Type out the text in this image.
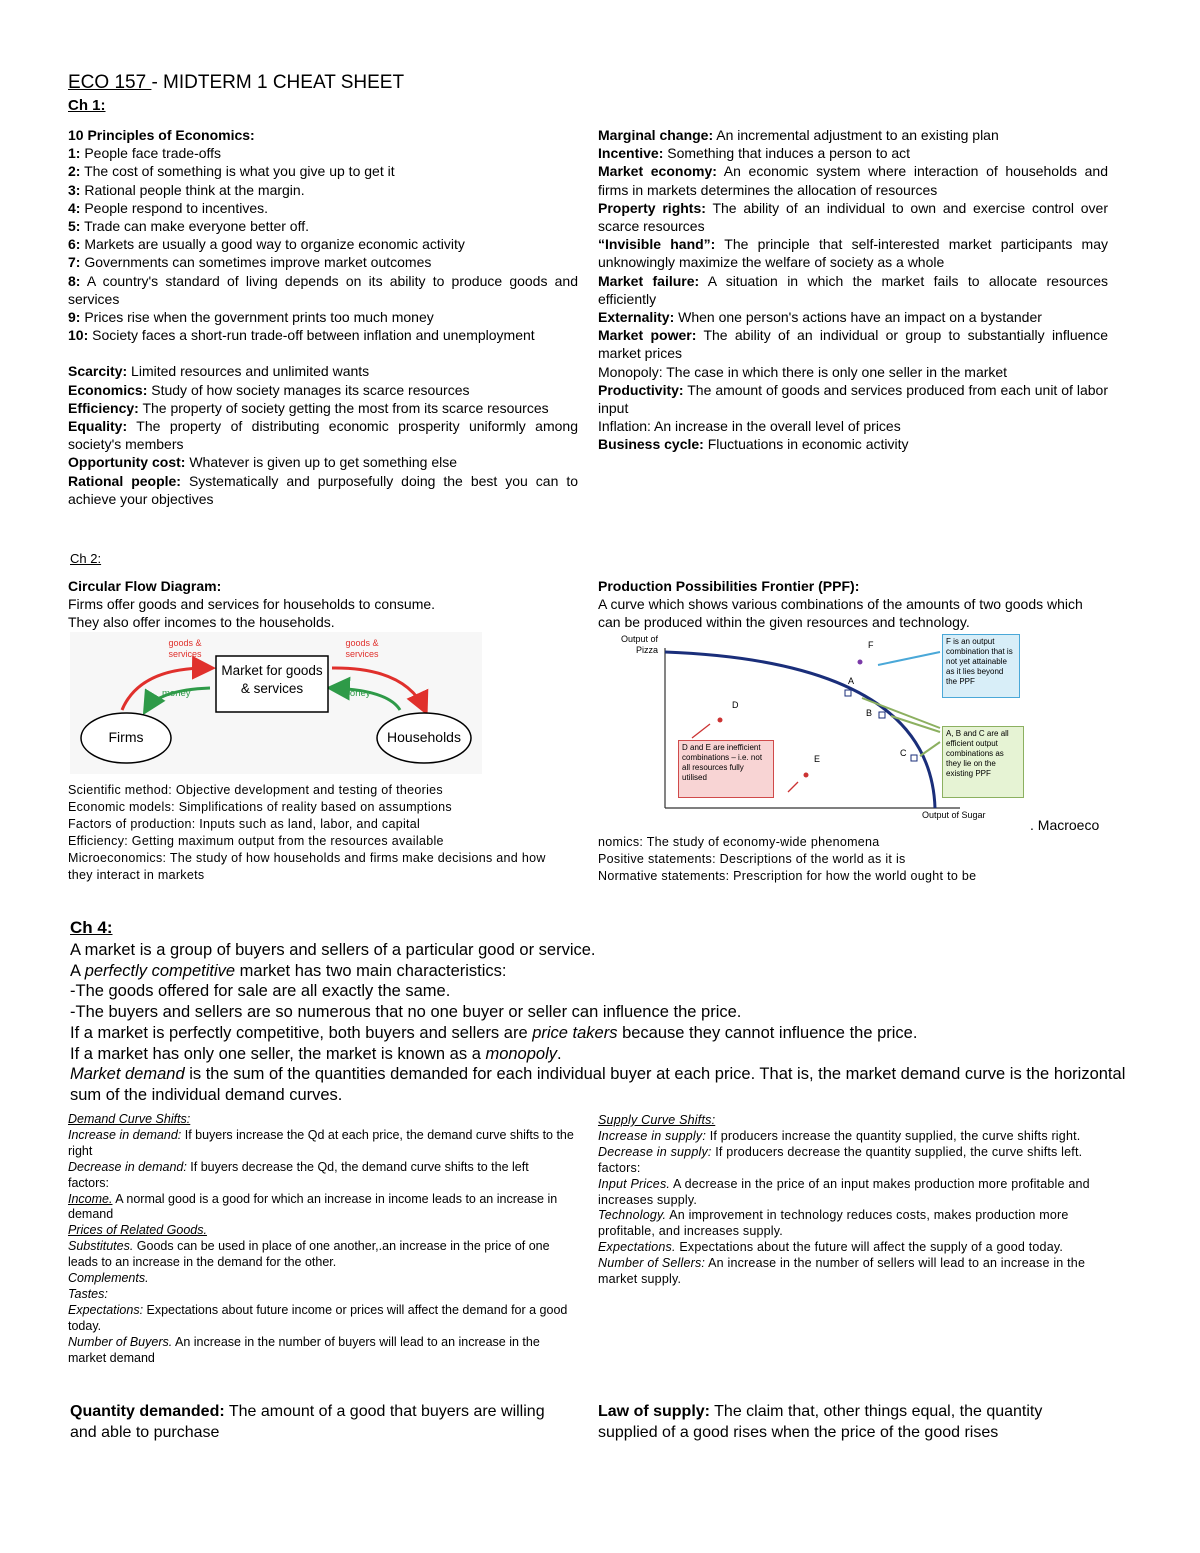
ECO 157 - MIDTERM 1 CHEAT SHEET
Ch 1:

10 Principles of Economics:

1: People face trade-offs

2: The cost of something is what you give up to get it

3: Rational people think at the margin.

4: People respond to incentives.

5: Trade can make everyone better off.

6: Markets are usually a good way to organize economic activity

7: Governments can sometimes improve market outcomes

8: A country's standard of living depends on its ability to produce goods and services

9: Prices rise when the government prints too much money

10: Society faces a short-run trade-off between inflation and unemployment

Scarcity: Limited resources and unlimited wants

Economics: Study of how society manages its scarce resources

Efficiency: The property of society getting the most from its scarce resources

Equality: The property of distributing economic prosperity uniformly among society's members

Opportunity cost: Whatever is given up to get something else

Rational people: Systematically and purposefully doing the best you can to achieve your objectives

Marginal change: An incremental adjustment to an existing plan

Incentive: Something that induces a person to act

Market economy: An economic system where interaction of households and firms in markets determines the allocation of resources

Property rights: The ability of an individual to own and exercise control over scarce resources

“Invisible hand”: The principle that self-interested market participants may unknowingly maximize the welfare of society as a whole

Market failure: A situation in which the market fails to allocate resources efficiently

Externality: When one person's actions have an impact on a bystander

Market power: The ability of an individual or group to substantially influence market prices

Monopoly: The case in which there is only one seller in the market

Productivity: The amount of goods and services produced from each unit of labor input

Inflation: An increase in the overall level of prices

Business cycle: Fluctuations in economic activity

Ch 2:

Circular Flow Diagram:

Firms offer goods and services for households to consume.

They also offer incomes to the households.

Production Possibilities Frontier (PPF):

A curve which shows various combinations of the amounts of two goods which can be produced within the given resources and technology.

Market for goods & services
Firms	Households
goods & services
goods & services
money	money
Output of Pizza
Output of Sugar
A
B
C
D
E
F	F is an output combination that is not yet attainable as it lies beyond the PPF
A, B and C are all efficient output combinations as they lie on the existing PPF
D and E are inefficient combinations – i.e. not all resources fully utilised
. Macroeco

Scientific method: Objective development and testing of theories

Economic models: Simplifications of reality based on assumptions

Factors of production: Inputs such as land, labor, and capital

Efficiency: Getting maximum output from the resources available

Microeconomics: The study of how households and firms make decisions and how they interact in markets

nomics: The study of economy-wide phenomena

Positive statements: Descriptions of the world as it is

Normative statements: Prescription for how the world ought to be

Ch 4:

A market is a group of buyers and sellers of a particular good or service.

A perfectly competitive market has two main characteristics:

-The goods offered for sale are all exactly the same.

-The buyers and sellers are so numerous that no one buyer or seller can influence the price.

If a market is perfectly competitive, both buyers and sellers are price takers because they cannot influence the price.

If a market has only one seller, the market is known as a monopoly.

Market demand is the sum of the quantities demanded for each individual buyer at each price. That is, the market demand curve is the horizontal sum of the individual demand curves.

Demand Curve Shifts:

Increase in demand: If buyers increase the Qd at each price, the demand curve shifts to the right

Decrease in demand: If buyers decrease the Qd, the demand curve shifts to the left

factors:

Income. A normal good is a good for which an increase in income leads to an increase in demand

Prices of Related Goods.

Substitutes. Goods can be used in place of one another,.an increase in the price of one leads to an increase in the demand for the other.

Complements.

Tastes:

Expectations: Expectations about future income or prices will affect the demand for a good today.

Number of Buyers. An increase in the number of buyers will lead to an increase in the market demand

Supply Curve Shifts:

Increase in supply: If producers increase the quantity supplied, the curve shifts right.

Decrease in supply: If producers decrease the quantity supplied, the curve shifts left.

factors:

Input Prices. A decrease in the price of an input makes production more profitable and increases supply.

Technology. An improvement in technology reduces costs, makes production more profitable, and increases supply.

Expectations. Expectations about the future will affect the supply of a good today.

Number of Sellers: An increase in the number of sellers will lead to an increase in the market supply.

Quantity demanded: The amount of a good that buyers are willing and able to purchase
Law of supply: The claim that, other things equal, the quantity supplied of a good rises when the price of the good rises
